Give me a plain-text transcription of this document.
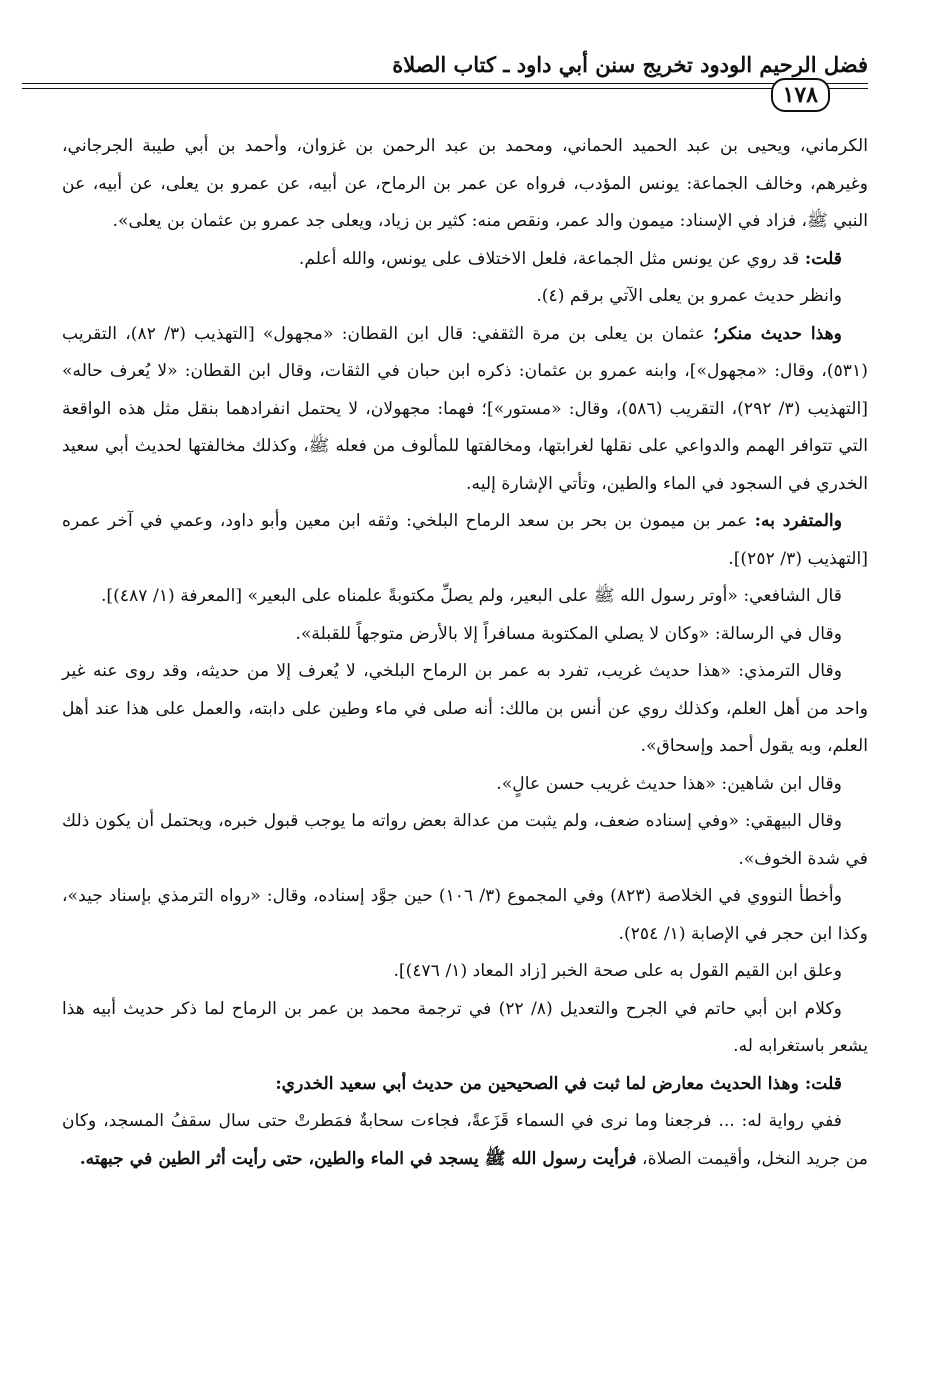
فضل الرحيم الودود تخريج سنن أبي داود ـ كتاب الصلاة
١٧٨

الكرماني، ويحيى بن عبد الحميد الحماني، ومحمد بن عبد الرحمن بن غزوان، وأحمد بن أبي طيبة الجرجاني، وغيرهم، وخالف الجماعة: يونس المؤدب، فرواه عن عمر بن الرماح، عن أبيه، عن عمرو بن يعلى، عن أبيه، عن النبي ﷺ، فزاد في الإسناد: ميمون والد عمر، ونقص منه: كثير بن زياد، ويعلى جد عمرو بن عثمان بن يعلى».

قلت: قد روي عن يونس مثل الجماعة، فلعل الاختلاف على يونس، والله أعلم.

وانظر حديث عمرو بن يعلى الآتي برقم (٤).

وهذا حديث منكر؛ عثمان بن يعلى بن مرة الثقفي: قال ابن القطان: «مجهول» [التهذيب (٣/ ٨٢)، التقريب (٥٣١)، وقال: «مجهول»]، وابنه عمرو بن عثمان: ذكره ابن حبان في الثقات، وقال ابن القطان: «لا يُعرف حاله» [التهذيب (٣/ ٢٩٢)، التقريب (٥٨٦)، وقال: «مستور»]؛ فهما: مجهولان، لا يحتمل انفرادهما بنقل مثل هذه الواقعة التي تتوافر الهمم والدواعي على نقلها لغرابتها، ومخالفتها للمألوف من فعله ﷺ، وكذلك مخالفتها لحديث أبي سعيد الخدري في السجود في الماء والطين، وتأتي الإشارة إليه.

والمتفرد به: عمر بن ميمون بن بحر بن سعد الرماح البلخي: وثقه ابن معين وأبو داود، وعمي في آخر عمره [التهذيب (٣/ ٢٥٢)].

قال الشافعي: «أوتر رسول الله ﷺ على البعير، ولم يصلِّ مكتوبةً علمناه على البعير» [المعرفة (١/ ٤٨٧)].

وقال في الرسالة: «وكان لا يصلي المكتوبة مسافراً إلا بالأرض متوجهاً للقبلة».

وقال الترمذي: «هذا حديث غريب، تفرد به عمر بن الرماح البلخي، لا يُعرف إلا من حديثه، وقد روى عنه غير واحد من أهل العلم، وكذلك روي عن أنس بن مالك: أنه صلى في ماء وطين على دابته، والعمل على هذا عند أهل العلم، وبه يقول أحمد وإسحاق».

وقال ابن شاهين: «هذا حديث غريب حسن عالٍ».

وقال البيهقي: «وفي إسناده ضعف، ولم يثبت من عدالة بعض رواته ما يوجب قبول خبره، ويحتمل أن يكون ذلك في شدة الخوف».

وأخطأ النووي في الخلاصة (٨٢٣) وفي المجموع (٣/ ١٠٦) حين جوَّد إسناده، وقال: «رواه الترمذي بإسناد جيد»، وكذا ابن حجر في الإصابة (١/ ٢٥٤).

وعلق ابن القيم القول به على صحة الخبر [زاد المعاد (١/ ٤٧٦)].

وكلام ابن أبي حاتم في الجرح والتعديل (٨/ ٢٢) في ترجمة محمد بن عمر بن الرماح لما ذكر حديث أبيه هذا يشعر باستغرابه له.

قلت: وهذا الحديث معارض لما ثبت في الصحيحين من حديث أبي سعيد الخدري:

ففي رواية له: ... فرجعنا وما نرى في السماء قَزَعةً، فجاءت سحابةٌ فمَطرتْ حتى سال سقفُ المسجد، وكان من جريد النخل، وأقيمت الصلاة، فرأيت رسول الله ﷺ يسجد في الماء والطين، حتى رأيت أثر الطين في جبهته.
